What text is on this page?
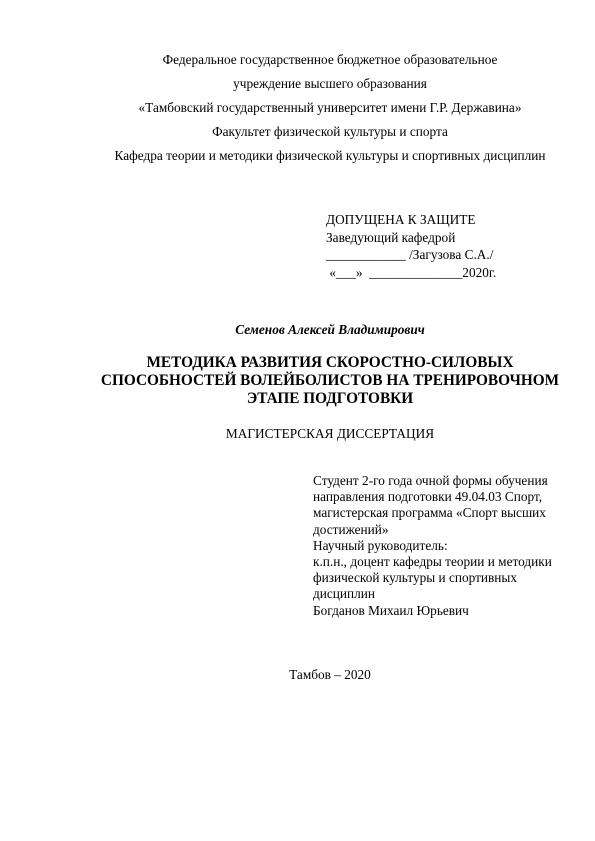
Федеральное государственное бюджетное образовательное
учреждение высшего образования
«Тамбовский государственный университет имени Г.Р. Державина»
Факультет физической культуры и спорта
Кафедра теории и методики физической культуры и спортивных дисциплин
ДОПУЩЕНА К ЗАЩИТЕ
Заведующий кафедрой
____________ /Загузова С.А./
«___»  ______________2020г.
Семенов Алексей Владимирович
МЕТОДИКА РАЗВИТИЯ СКОРОСТНО-СИЛОВЫХ
СПОСОБНОСТЕЙ ВОЛЕЙБОЛИСТОВ НА ТРЕНИРОВОЧНОМ
ЭТАПЕ ПОДГОТОВКИ
МАГИСТЕРСКАЯ ДИССЕРТАЦИЯ
Студент 2-го года очной формы обучения
направления подготовки 49.04.03 Спорт,
магистерская программа «Спорт высших
достижений»
Научный руководитель:
к.п.н., доцент кафедры теории и методики
физической культуры и спортивных
дисциплин
Богданов Михаил Юрьевич
Тамбов – 2020
